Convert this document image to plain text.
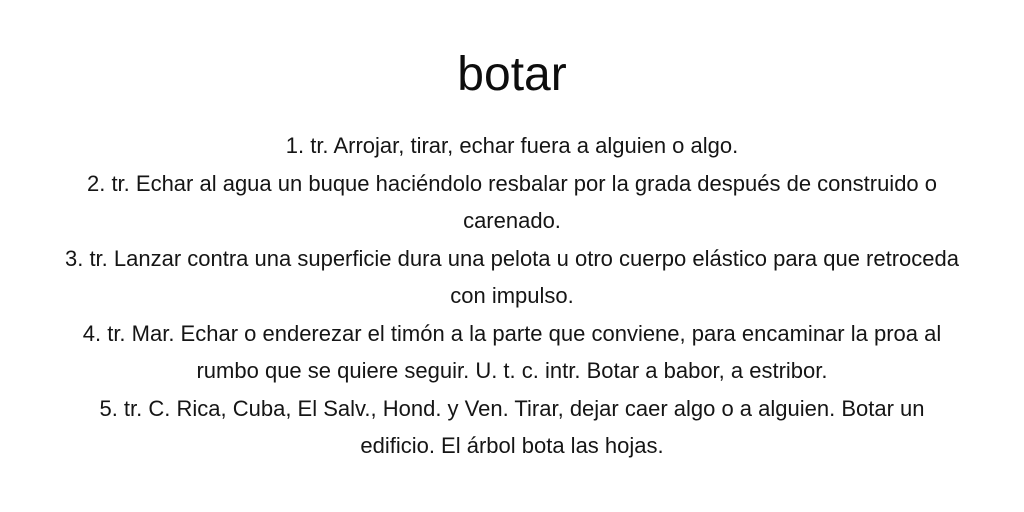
botar
1. tr. Arrojar, tirar, echar fuera a alguien o algo.
2. tr. Echar al agua un buque haciéndolo resbalar por la grada después de construido o carenado.
3. tr. Lanzar contra una superficie dura una pelota u otro cuerpo elástico para que retroceda con impulso.
4. tr. Mar. Echar o enderezar el timón a la parte que conviene, para encaminar la proa al rumbo que se quiere seguir. U. t. c. intr. Botar a babor, a estribor.
5. tr. C. Rica, Cuba, El Salv., Hond. y Ven. Tirar, dejar caer algo o a alguien. Botar un edificio. El árbol bota las hojas.
